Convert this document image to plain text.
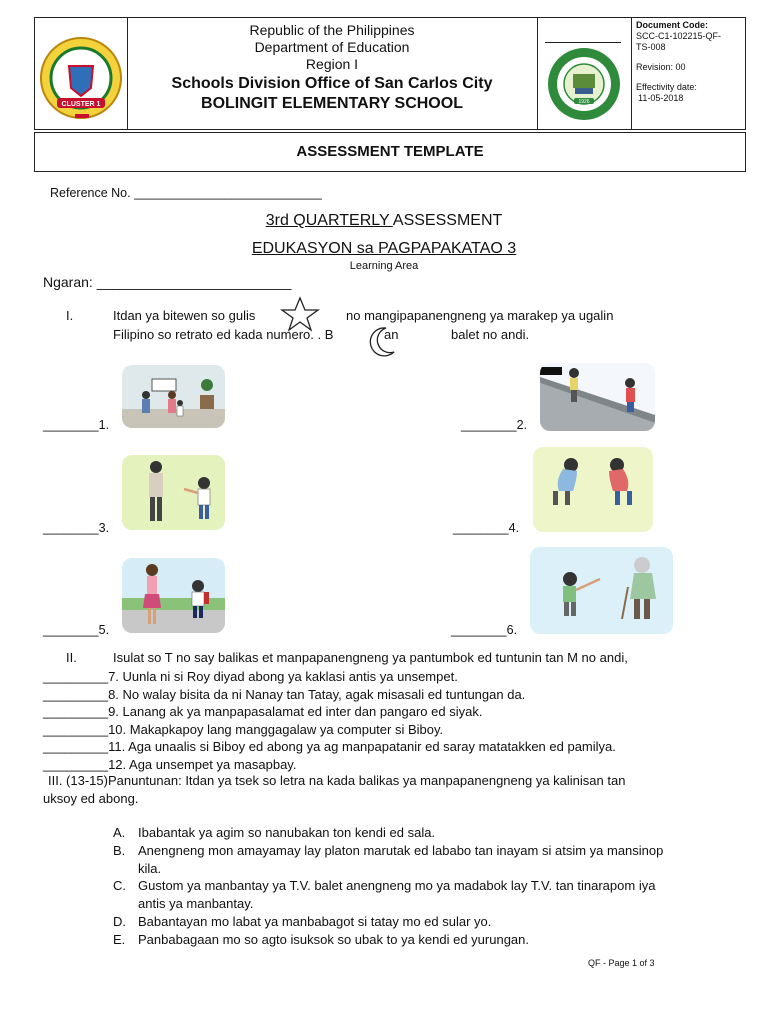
CLUSTER 1
Republic of the Philippines
Department of Education
Region I
Schools Division Office of San Carlos City
BOLINGIT ELEMENTARY SCHOOL	1926
Document Code:
SCC-C1-102215-QF-
TS-008
Revision: 00
Effectivity date:
11-05-2018
ASSESSMENT TEMPLATE
Reference No. ___________________________
3rd QUARTERLY ASSESSMENT
EDUKASYON sa PAGPAPAKATAO 3
Learning Area
Ngaran: _________________________
I.	Itdan ya bitewen so gulis	no mangipapanengneng ya marakep ya ugalin
Filipino so retrato ed kada numero. . B	an	balet no andi.
________1.	________2.
________3.	________4.
________5.	________6.
II.	Isulat so T no say balikas et manpapanengneng ya pantumbok ed tuntunin tan M no andi,
_________7. Uunla ni si Roy diyad abong ya kaklasi antis ya unsempet.
_________8. No walay bisita da ni Nanay tan Tatay, agak misasali ed tuntungan da.
_________9. Lanang ak ya manpapasalamat ed inter dan pangaro ed siyak.
_________10. Makapkapoy lang manggagalaw ya computer si Biboy.
_________11. Aga unaalis si Biboy ed abong ya ag manpapatanir ed saray matatakken ed pamilya.
_________12. Aga unsempet ya masapbay.
III. (13-15)Panuntunan: Itdan ya tsek so letra na kada balikas ya manpapanengneng ya kalinisan tan
uksoy ed abong.
A. Ibabantak ya agim so nanubakan ton kendi ed sala.
B. Anengneng mon amayamay lay platon marutak ed lababo tan inayam si atsim ya mansinop
kila.
C. Gustom ya manbantay ya T.V. balet anengneng mo ya madabok lay T.V. tan tinarapom iya
antis ya manbantay.
D. Babantayan mo labat ya manbabagot si tatay mo ed sular yo.
E. Panbabagaan mo so agto isuksok so ubak to ya kendi ed yurungan.
QF - Page 1 of 3
